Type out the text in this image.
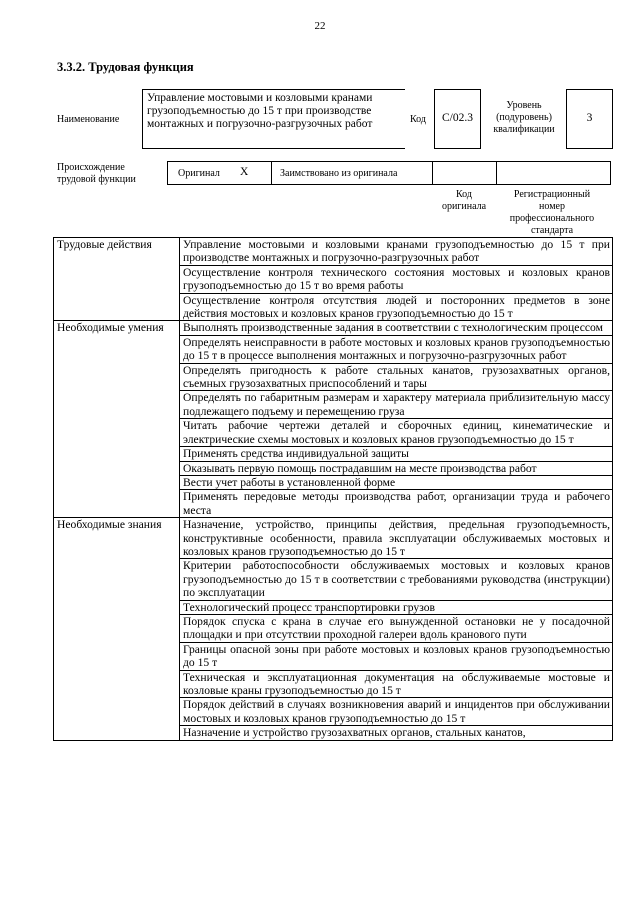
22
3.3.2. Трудовая функция
Наименование
Управление мостовыми и козловыми кранами грузоподъемностью до 15 т при производстве монтажных и погрузочно-разгрузочных работ	Код	С/02.3
Уровень (подуровень) квалификации
3
Происхождение трудовой функции
Оригинал X	Заимствовано из оригинала
Код оригинала
Регистрационный номер профессионального стандарта
Трудовые действия	Управление мостовыми и козловыми кранами грузоподъемностью до 15 т при производстве монтажных и погрузочно-разгрузочных работ
	Осуществление контроля технического состояния мостовых и козловых кранов грузоподъемностью до 15 т во время работы
	Осуществление контроля отсутствия людей и посторонних предметов в зоне действия мостовых и козловых кранов грузоподъемностью до 15 т
Необходимые умения	Выполнять производственные задания в соответствии с технологическим процессом
	Определять неисправности в работе мостовых и козловых кранов грузоподъемностью до 15 т в процессе выполнения монтажных и погрузочно-разгрузочных работ
	Определять пригодность к работе стальных канатов, грузозахватных органов, съемных грузозахватных приспособлений и тары
	Определять по габаритным размерам и характеру материала приблизительную массу подлежащего подъему и перемещению груза
	Читать рабочие чертежи деталей и сборочных единиц, кинематические и электрические схемы мостовых и козловых кранов грузоподъемностью до 15 т
	Применять средства индивидуальной защиты
	Оказывать первую помощь пострадавшим на месте производства работ
	Вести учет работы в установленной форме
	Применять передовые методы производства работ, организации труда и рабочего места
Необходимые знания	Назначение, устройство, принципы действия, предельная грузоподъемность, конструктивные особенности, правила эксплуатации обслуживаемых мостовых и козловых кранов грузоподъемностью до 15 т
	Критерии работоспособности обслуживаемых мостовых и козловых кранов грузоподъемностью до 15 т в соответствии с требованиями руководства (инструкции) по эксплуатации
	Технологический процесс транспортировки грузов
	Порядок спуска с крана в случае его вынужденной остановки не у посадочной площадки и при отсутствии проходной галереи вдоль кранового пути
	Границы опасной зоны при работе мостовых и козловых кранов грузоподъемностью до 15 т
	Техническая и эксплуатационная документация на обслуживаемые мостовые и козловые краны грузоподъемностью до 15 т
	Порядок действий в случаях возникновения аварий и инцидентов при обслуживании мостовых и козловых кранов грузоподъемностью до 15 т
	Назначение и устройство грузозахватных органов, стальных канатов,
